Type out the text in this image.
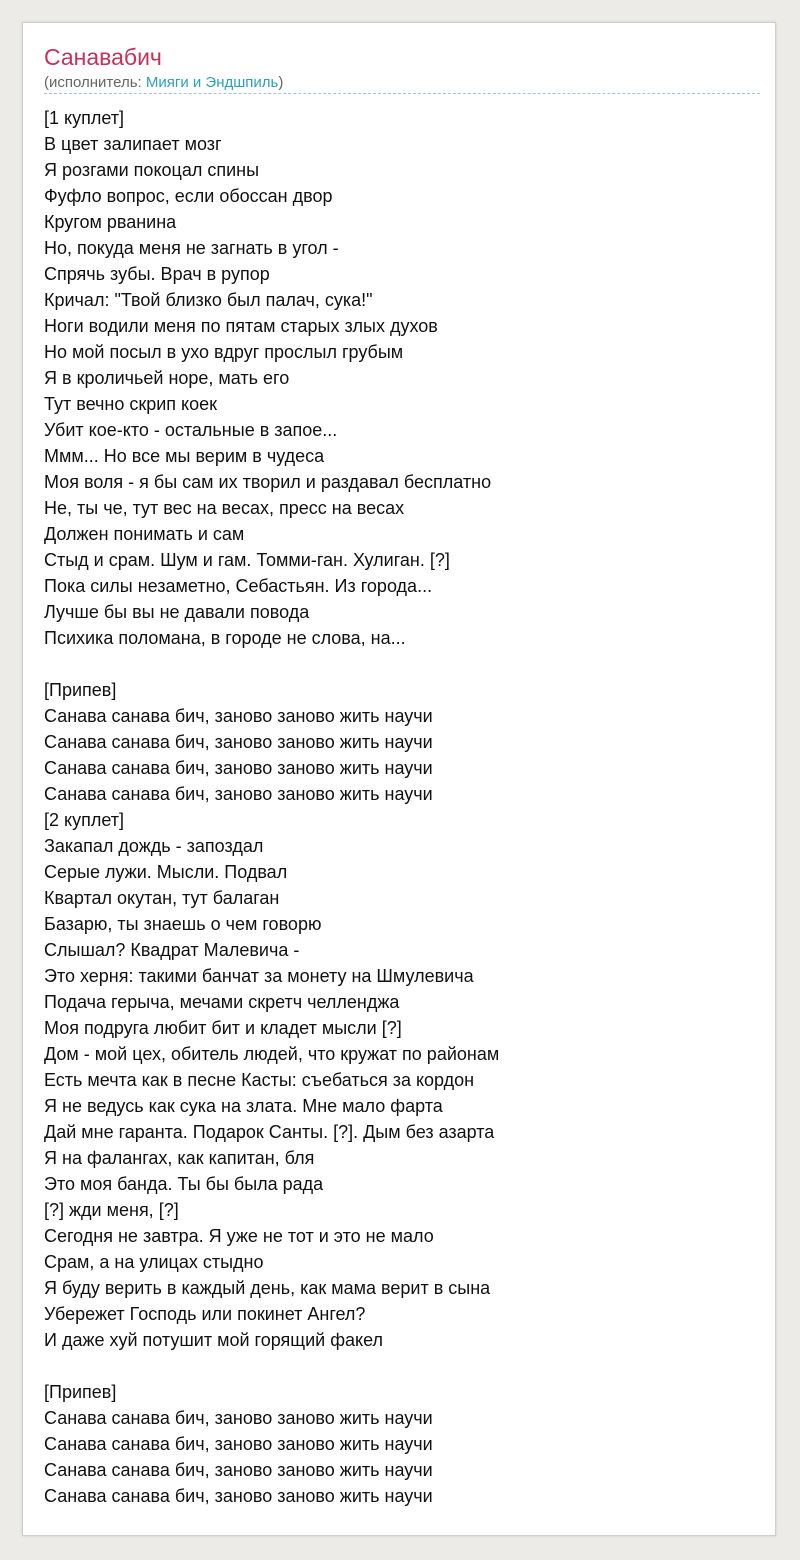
Санавабич
(исполнитель: Мияги и Эндшпиль)
[1 куплет]
В цвет залипает мозг
Я розгами покоцал спины
Фуфло вопрос, если обоссан двор
Кругом рванина
Но, покуда меня не загнать в угол -
Спрячь зубы. Врач в рупор
Кричал: "Твой близко был палач, сука!"
Ноги водили меня по пятам старых злых духов
Но мой посыл в ухо вдруг прослыл грубым
Я в кроличьей норе, мать его
Тут вечно скрип коек
Убит кое-кто - остальные в запое...
Ммм... Но все мы верим в чудеса
Моя воля - я бы сам их творил и раздавал бесплатно
Не, ты че, тут вес на весах, пресс на весах
Должен понимать и сам
Стыд и срам. Шум и гам. Томми-ган. Хулиган. [?]
Пока силы незаметно, Себастьян. Из города...
Лучше бы вы не давали повода
Психика поломана, в городе не слова, на...
[Припев]
Санава санава бич, заново заново жить научи
Санава санава бич, заново заново жить научи
Санава санава бич, заново заново жить научи
Санава санава бич, заново заново жить научи
[2 куплет]
Закапал дождь - запоздал
Серые лужи. Мысли. Подвал
Квартал окутан, тут балаган
Базарю, ты знаешь о чем говорю
Слышал? Квадрат Малевича -
Это херня: такими банчат за монету на Шмулевича
Подача герыча, мечами скретч челленджа
Моя подруга любит бит и кладет мысли [?]
Дом - мой цех, обитель людей, что кружат по районам
Есть мечта как в песне Касты: съебаться за кордон
Я не ведусь как сука на злата. Мне мало фарта
Дай мне гаранта. Подарок Санты. [?]. Дым без азарта
Я на фалангах, как капитан, бля
Это моя банда. Ты бы была рада
[?] жди меня, [?]
Сегодня не завтра. Я уже не тот и это не мало
Срам, а на улицах стыдно
Я буду верить в каждый день, как мама верит в сына
Убережет Господь или покинет Ангел?
И даже хуй потушит мой горящий факел
[Припев]
Санава санава бич, заново заново жить научи
Санава санава бич, заново заново жить научи
Санава санава бич, заново заново жить научи
Санава санава бич, заново заново жить научи
